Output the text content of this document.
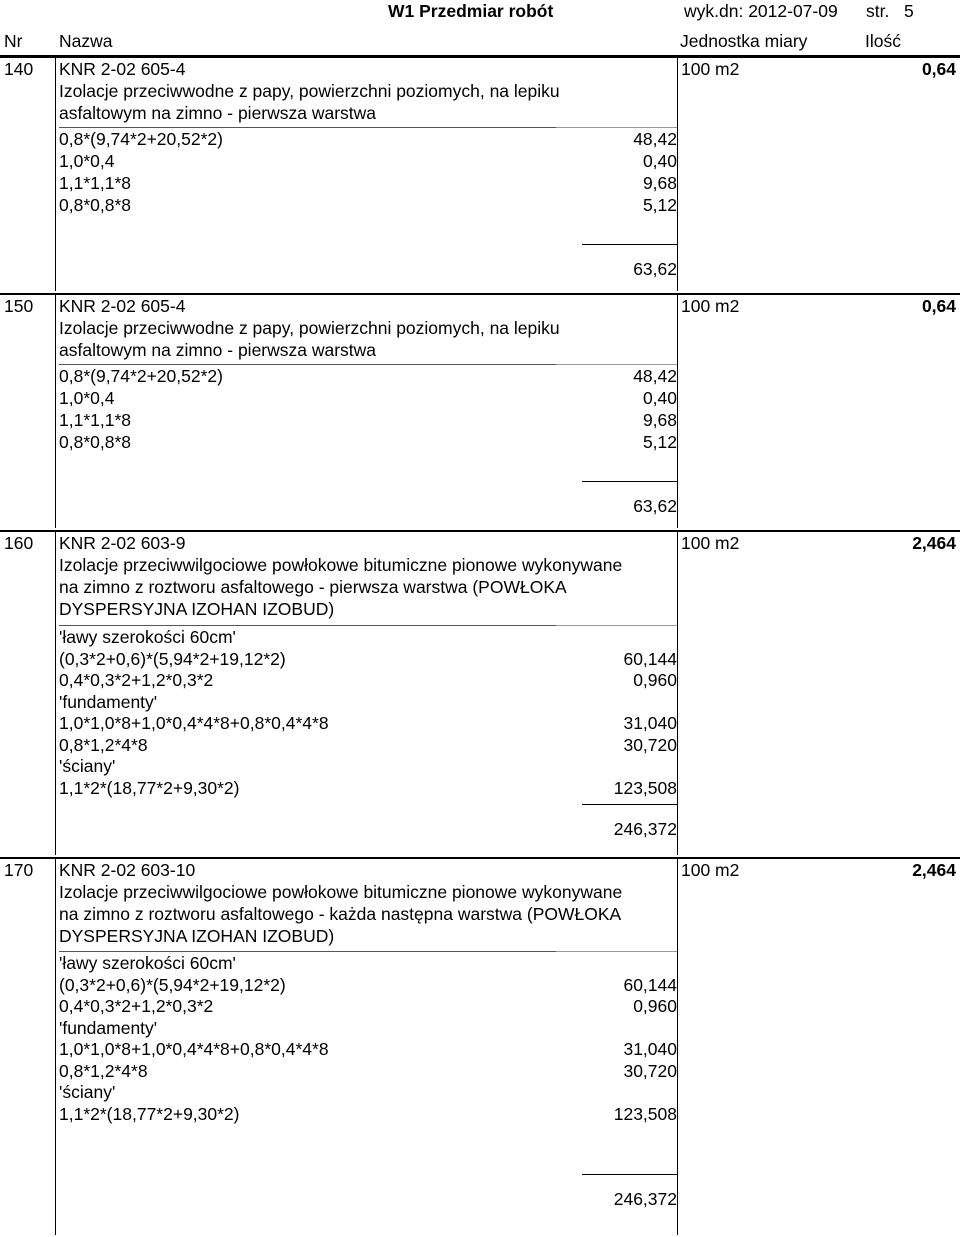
W1 Przedmiar robót	wyk.dn: 2012-07-09 str. 5
Nr Nazwa	Jednostka miary	Ilość
140 KNR 2-02 605-4	100 m2	0,64
Izolacje przeciwwodne z papy, powierzchni poziomych, na lepiku
asfaltowym na zimno - pierwsza warstwa
0,8*(9,74*2+20,52*2)	48,42
1,0*0,4	0,40
1,1*1,1*8	9,68
0,8*0,8*8	5,12
63,62
150 KNR 2-02 605-4	100 m2	0,64
Izolacje przeciwwodne z papy, powierzchni poziomych, na lepiku
asfaltowym na zimno - pierwsza warstwa
0,8*(9,74*2+20,52*2)	48,42
1,0*0,4	0,40
1,1*1,1*8	9,68
0,8*0,8*8	5,12
63,62
160 KNR 2-02 603-9	100 m2	2,464
Izolacje przeciwwilgociowe powłokowe bitumiczne pionowe wykonywane
na zimno z roztworu asfaltowego - pierwsza warstwa (POWŁOKA
DYSPERSYJNA IZOHAN IZOBUD)
'ławy szerokości 60cm'
(0,3*2+0,6)*(5,94*2+19,12*2)	60,144
0,4*0,3*2+1,2*0,3*2	0,960
'fundamenty'
1,0*1,0*8+1,0*0,4*4*8+0,8*0,4*4*8	31,040
0,8*1,2*4*8	30,720
'ściany'
1,1*2*(18,77*2+9,30*2)	123,508
246,372
170 KNR 2-02 603-10	100 m2	2,464
Izolacje przeciwwilgociowe powłokowe bitumiczne pionowe wykonywane
na zimno z roztworu asfaltowego - każda następna warstwa (POWŁOKA
DYSPERSYJNA IZOHAN IZOBUD)
'ławy szerokości 60cm'
(0,3*2+0,6)*(5,94*2+19,12*2)	60,144
0,4*0,3*2+1,2*0,3*2	0,960
'fundamenty'
1,0*1,0*8+1,0*0,4*4*8+0,8*0,4*4*8	31,040
0,8*1,2*4*8	30,720
'ściany'
1,1*2*(18,77*2+9,30*2)	123,508
246,372
